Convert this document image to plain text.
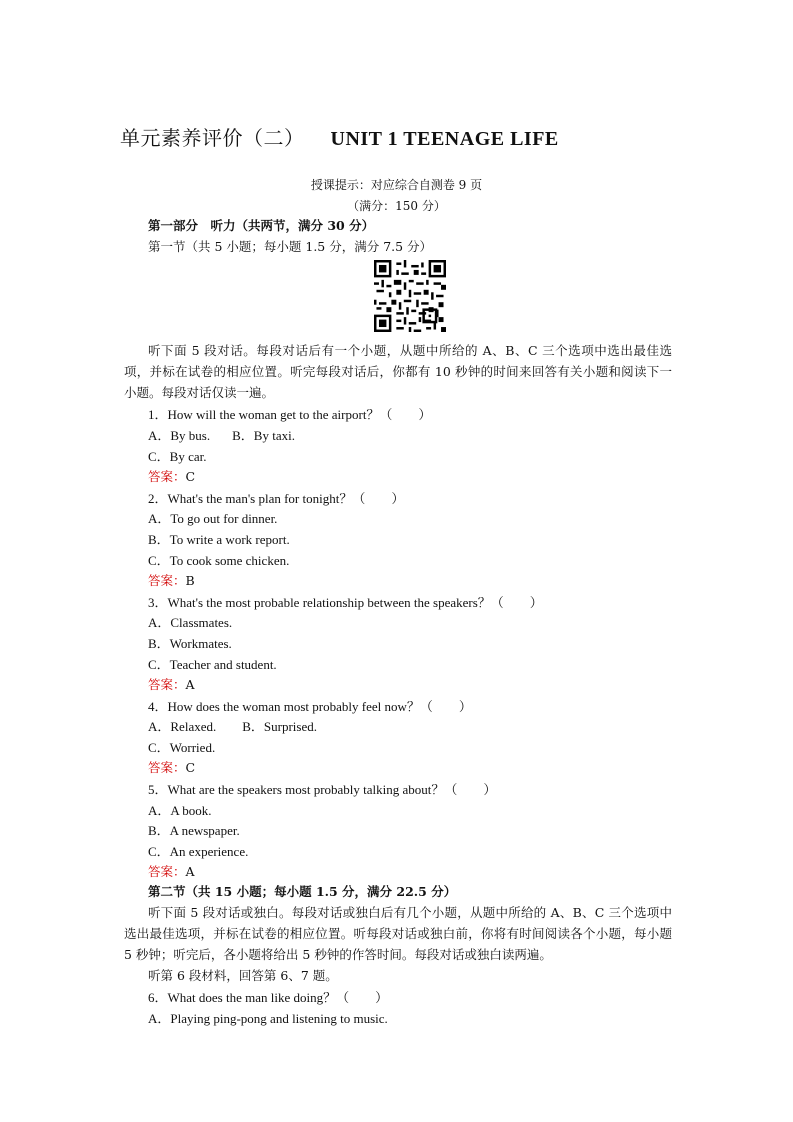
单元素养评价（二） UNIT 1 TEENAGE LIFE
授课提示：对应综合自测卷 9 页
（满分：150 分）
第一部分　听力（共两节，满分 30 分）
第一节（共 5 小题；每小题 1.5 分，满分 7.5 分）
听下面 5 段对话。每段对话后有一个小题，从题中所给的 A、B、C 三个选项中选出最佳选项，并标在试卷的相应位置。听完每段对话后，你都有 10 秒钟的时间来回答有关小题和阅读下一小题。每段对话仅读一遍。
1．How will the woman get to the airport？（　　）
A．By bus. B．By taxi.
C．By car.
答案：C
2．What's the man's plan for tonight？（　　）
A．To go out for dinner.
B．To write a work report.
C．To cook some chicken.
答案：B
3．What's the most probable relationship between the speakers？（　　）
A．Classmates.
B．Workmates.
C．Teacher and student.
答案：A
4．How does the woman most probably feel now？（　　）
A．Relaxed. B．Surprised.
C．Worried.
答案：C
5．What are the speakers most probably talking about？（　　）
A．A book.
B．A newspaper.
C．An experience.
答案：A
第二节（共 15 小题；每小题 1.5 分，满分 22.5 分）
听下面 5 段对话或独白。每段对话或独白后有几个小题，从题中所给的 A、B、C 三个选项中选出最佳选项，并标在试卷的相应位置。听每段对话或独白前，你将有时间阅读各个小题，每小题 5 秒钟；听完后，各小题将给出 5 秒钟的作答时间。每段对话或独白读两遍。
听第 6 段材料，回答第 6、7 题。
6．What does the man like doing？（　　）
A．Playing ping-pong and listening to music.
